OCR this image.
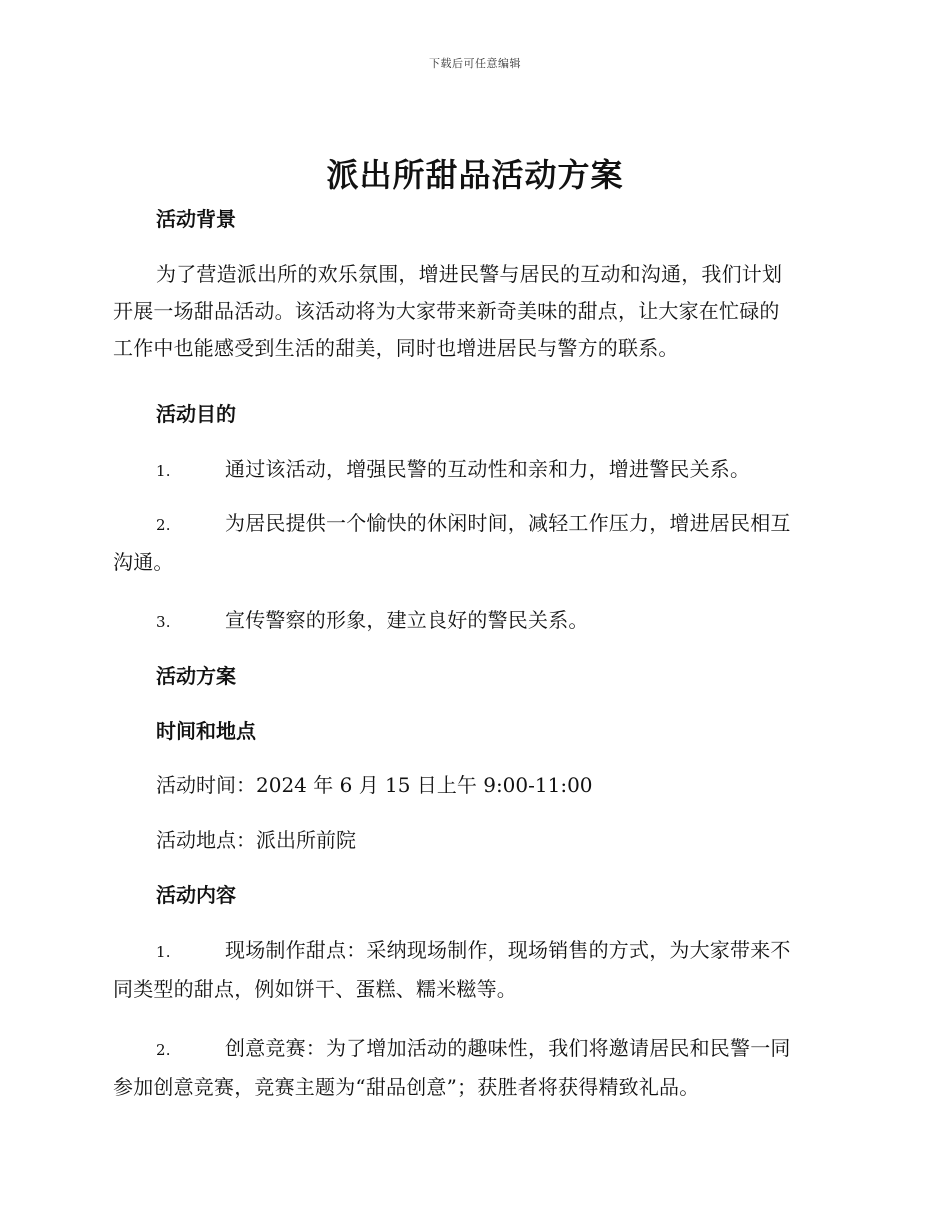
下载后可任意编辑
派出所甜品活动方案
活动背景
为了营造派出所的欢乐氛围，增进民警与居民的互动和沟通，我们计划
开展一场甜品活动。该活动将为大家带来新奇美味的甜点，让大家在忙碌的
工作中也能感受到生活的甜美，同时也增进居民与警方的联系。
活动目的
1.	通过该活动，增强民警的互动性和亲和力，增进警民关系。
2.	为居民提供一个愉快的休闲时间，减轻工作压力，增进居民相互
沟通。
3.	宣传警察的形象，建立良好的警民关系。
活动方案
时间和地点

活动时间：2024 年 6 月 15 日上午 9:00-11:00

活动地点：派出所前院

活动内容
1.	现场制作甜点：采纳现场制作，现场销售的方式，为大家带来不
同类型的甜点，例如饼干、蛋糕、糯米糍等。
2.	创意竞赛：为了增加活动的趣味性，我们将邀请居民和民警一同
参加创意竞赛，竞赛主题为“甜品创意”；获胜者将获得精致礼品。
